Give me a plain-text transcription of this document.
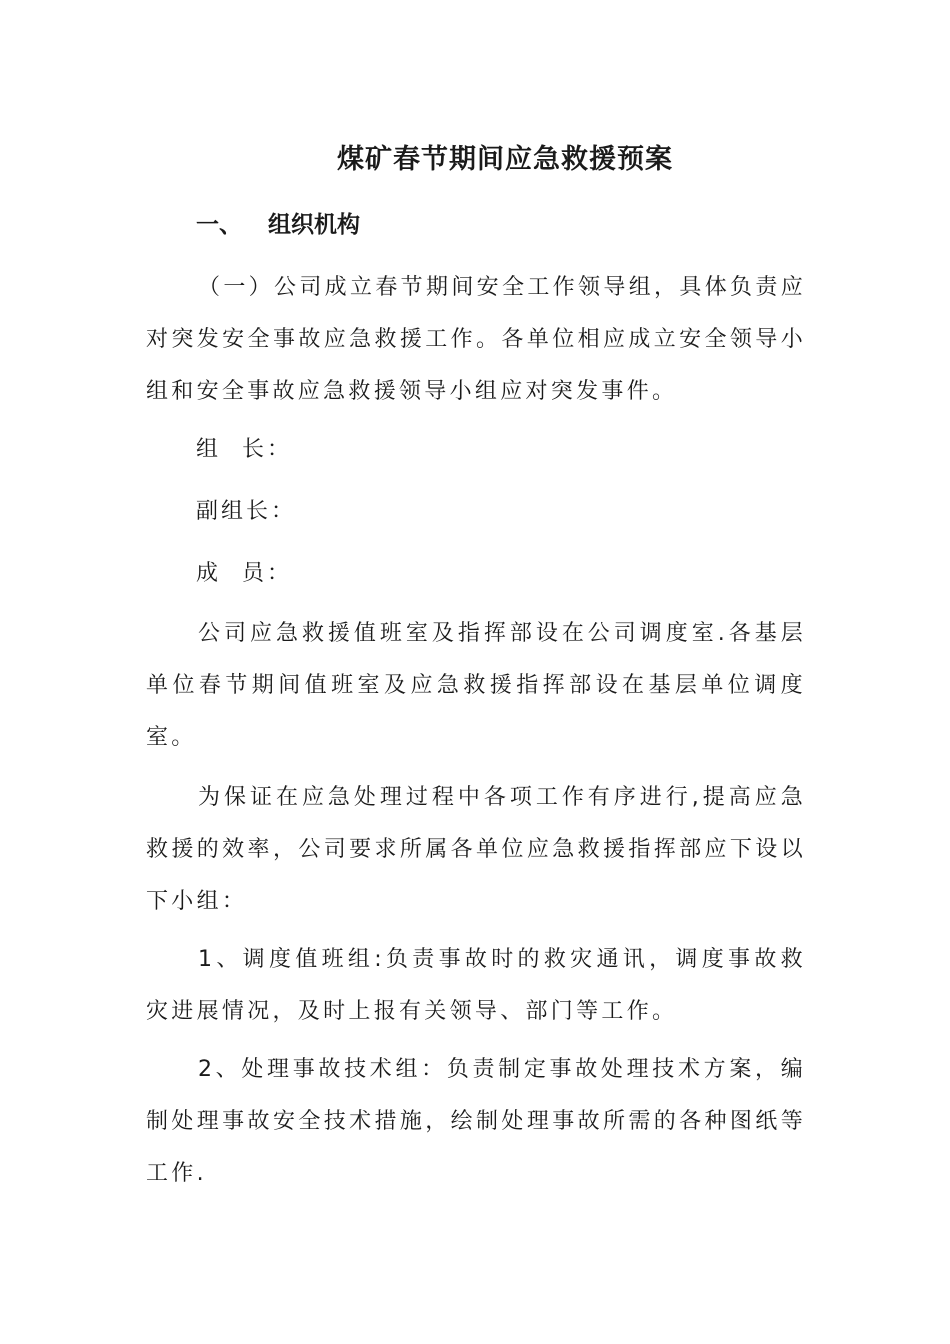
煤矿春节期间应急救援预案
一、 组织机构

（一）公司成立春节期间安全工作领导组，具体负责应对突发安全事故应急救援工作。各单位相应成立安全领导小组和安全事故应急救援领导小组应对突发事件。

组长：

副组长：

成员：

公司应急救援值班室及指挥部设在公司调度室.各基层单位春节期间值班室及应急救援指挥部设在基层单位调度室。

为保证在应急处理过程中各项工作有序进行,提高应急救援的效率，公司要求所属各单位应急救援指挥部应下设以下小组：

1、调度值班组:负责事故时的救灾通讯，调度事故救灾进展情况，及时上报有关领导、部门等工作。

2、处理事故技术组：负责制定事故处理技术方案，编制处理事故安全技术措施，绘制处理事故所需的各种图纸等工作.
